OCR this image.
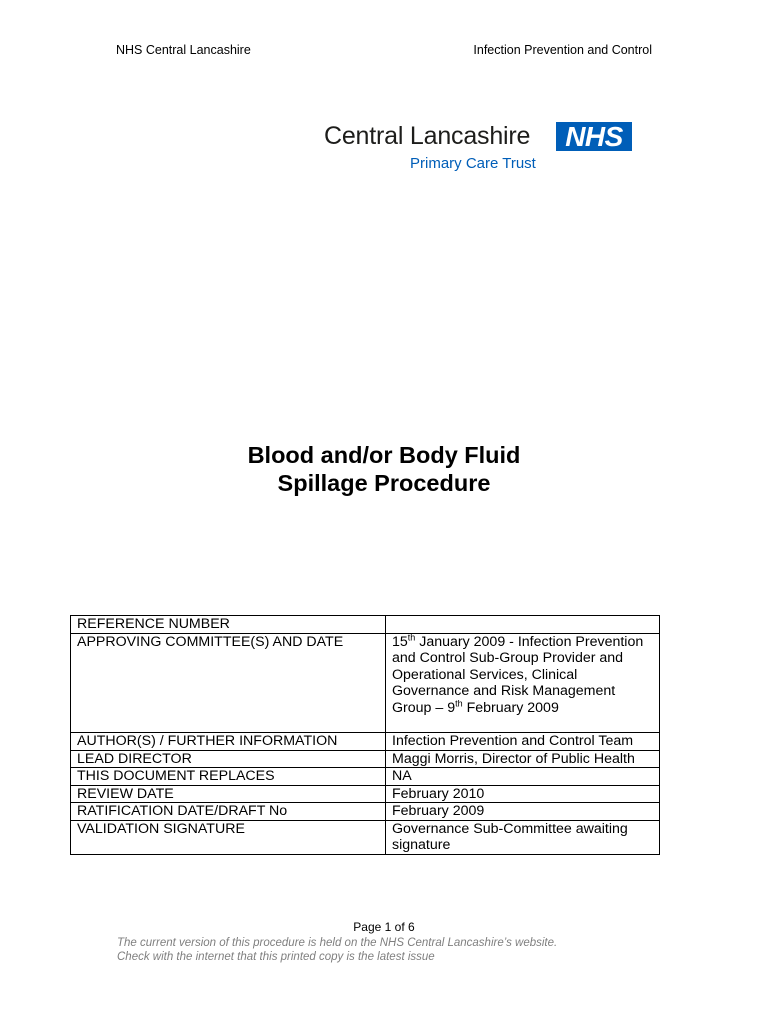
NHS Central Lancashire	Infection Prevention and Control
Central Lancashire	NHS
Primary Care Trust
Blood and/or Body Fluid
Spillage Procedure
REFERENCE NUMBER	
APPROVING COMMITTEE(S) AND DATE	15th January 2009 - Infection Prevention and Control Sub-Group Provider and Operational Services, Clinical Governance and Risk Management Group – 9th February 2009
AUTHOR(S) / FURTHER INFORMATION	Infection Prevention and Control Team
LEAD DIRECTOR	Maggi Morris, Director of Public Health
THIS DOCUMENT REPLACES	NA
REVIEW DATE	February 2010
RATIFICATION DATE/DRAFT No	February 2009
VALIDATION SIGNATURE	Governance Sub-Committee awaiting signature
Page 1 of 6
The current version of this procedure is held on the NHS Central Lancashire’s website.
Check with the internet that this printed copy is the latest issue
